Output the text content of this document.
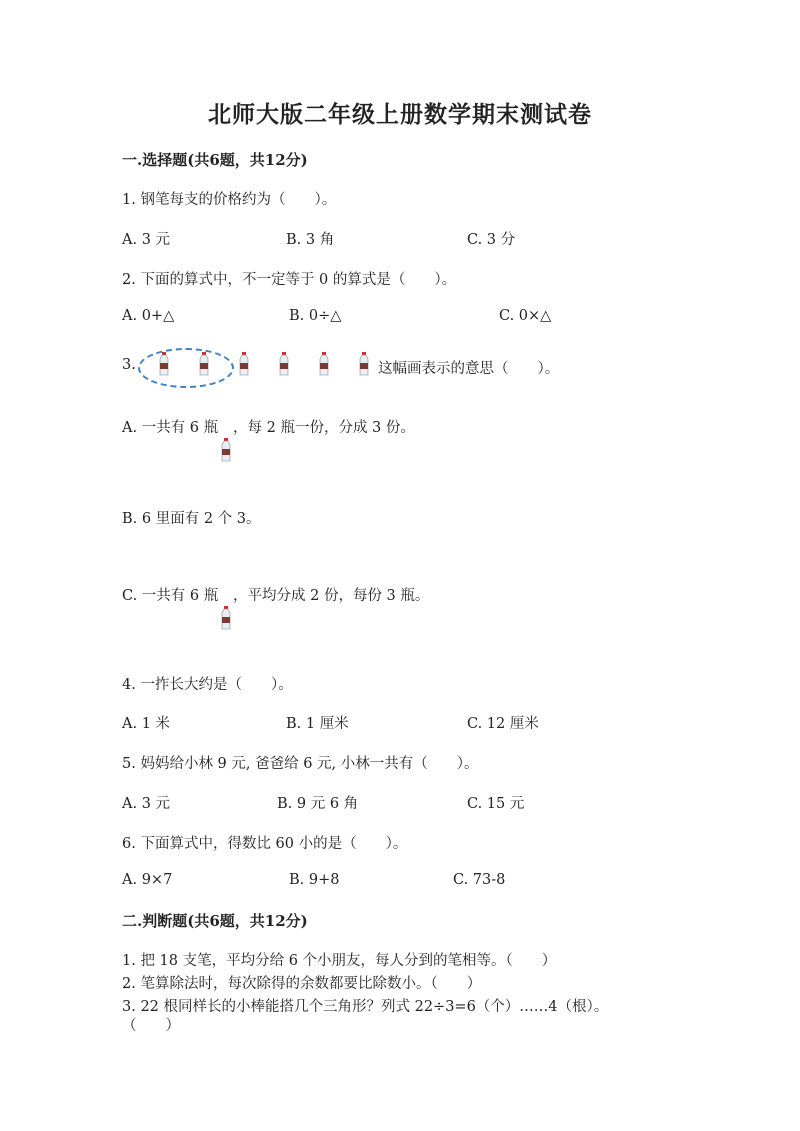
北师大版二年级上册数学期末测试卷
一.选择题(共6题，共12分)
1. 钢笔每支的价格约为（　　）。
A. 3 元	B. 3 角	C. 3 分
2. 下面的算式中，不一定等于 0 的算式是（　　）。
A. 0+△	B. 0÷△	C. 0×△
3.	这幅画表示的意思（　　）。
A. 一共有 6 瓶 ，每 2 瓶一份，分成 3 份。
B. 6 里面有 2 个 3。
C. 一共有 6 瓶 ，平均分成 2 份，每份 3 瓶。
4. 一拃长大约是（　　）。
A. 1 米	B. 1 厘米	C. 12 厘米
5. 妈妈给小林 9 元, 爸爸给 6 元, 小林一共有（　　）。
A. 3 元	B. 9 元 6 角	C. 15 元
6. 下面算式中，得数比 60 小的是（　　）。
A. 9×7	B. 9+8	C. 73-8
二.判断题(共6题，共12分)
1. 把 18 支笔，平均分给 6 个小朋友，每人分到的笔相等。（　　）
2. 笔算除法时，每次除得的余数都要比除数小。（　　）
3. 22 根同样长的小棒能搭几个三角形？列式 22÷3=6（个）……4（根）。
（　　）
